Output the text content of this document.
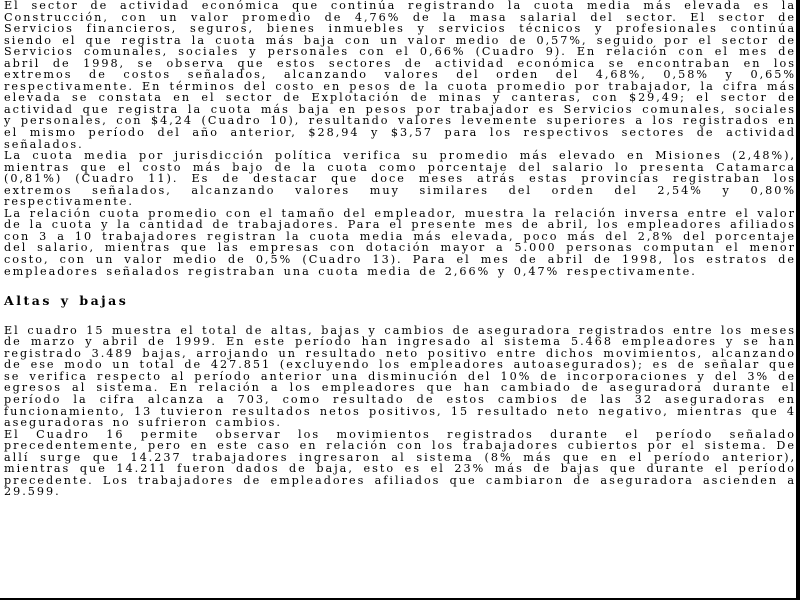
El sector de actividad económica que continúa registrando la cuota media más elevada es la Construcción, con un valor promedio de 4,76% de la masa salarial del sector. El sector de Servicios financieros, seguros, bienes inmuebles y servicios técnicos y profesionales continúa siendo el que registra la cuota más baja con un valor medio de 0,57%, seguido por el sector de Servicios comunales, sociales y personales con el 0,66% (Cuadro 9). En relación con el mes de abril de 1998, se observa que estos sectores de actividad económica se encontraban en los extremos de costos señalados, alcanzando valores del orden del 4,68%, 0,58% y 0,65% respectivamente. En términos del costo en pesos de la cuota promedio por trabajador, la cifra más elevada se constata en el sector de Explotación de minas y canteras, con $29,49; el sector de actividad que registra la cuota más baja en pesos por trabajador es Servicios comunales, sociales y personales, con $4,24 (Cuadro 10), resultando valores levemente superiores a los registrados en el mismo período del año anterior, $28,94 y $3,57 para los respectivos sectores de actividad señalados.

La cuota media por jurisdicción política verifica su promedio más elevado en Misiones (2,48%), mientras que el costo más bajo de la cuota como porcentaje del salario lo presenta Catamarca (0,81%) (Cuadro 11). Es de destacar que doce meses atrás estas provincias registraban los extremos señalados, alcanzando valores muy similares del orden del 2,54% y 0,80% respectivamente.

La relación cuota promedio con el tamaño del empleador, muestra la relación inversa entre el valor de la cuota y la cantidad de trabajadores. Para el presente mes de abril, los empleadores afiliados con 3 a 10 trabajadores registran la cuota media más elevada, poco más del 2,8% del porcentaje del salario, mientras que las empresas con dotación mayor a 5.000 personas computan el menor costo, con un valor medio de 0,5% (Cuadro 13). Para el mes de abril de 1998, los estratos de empleadores señalados registraban una cuota media de 2,66% y 0,47% respectivamente.

Altas y bajas

El cuadro 15 muestra el total de altas, bajas y cambios de aseguradora registrados entre los meses de marzo y abril de 1999. En este período han ingresado al sistema 5.468 empleadores y se han registrado 3.489 bajas, arrojando un resultado neto positivo entre dichos movimientos, alcanzando de ese modo un total de 427.851 (excluyendo los empleadores autoasegurados); es de señalar que se verifica respecto al período anterior una disminución del 10% de incorporaciones y del 3% de egresos al sistema. En relación a los empleadores que han cambiado de aseguradora durante el período la cifra alcanza a 703, como resultado de estos cambios de las 32 aseguradoras en funcionamiento, 13 tuvieron resultados netos positivos, 15 resultado neto negativo, mientras que 4 aseguradoras no sufrieron cambios.

El Cuadro 16 permite observar los movimientos registrados durante el período señalado precedentemente, pero en este caso en relación con los trabajadores cubiertos por el sistema. De allí surge que 14.237 trabajadores ingresaron al sistema (8% más que en el período anterior), mientras que 14.211 fueron dados de baja, esto es el 23% más de bajas que durante el período precedente. Los trabajadores de empleadores afiliados que cambiaron de aseguradora ascienden a 29.599.
